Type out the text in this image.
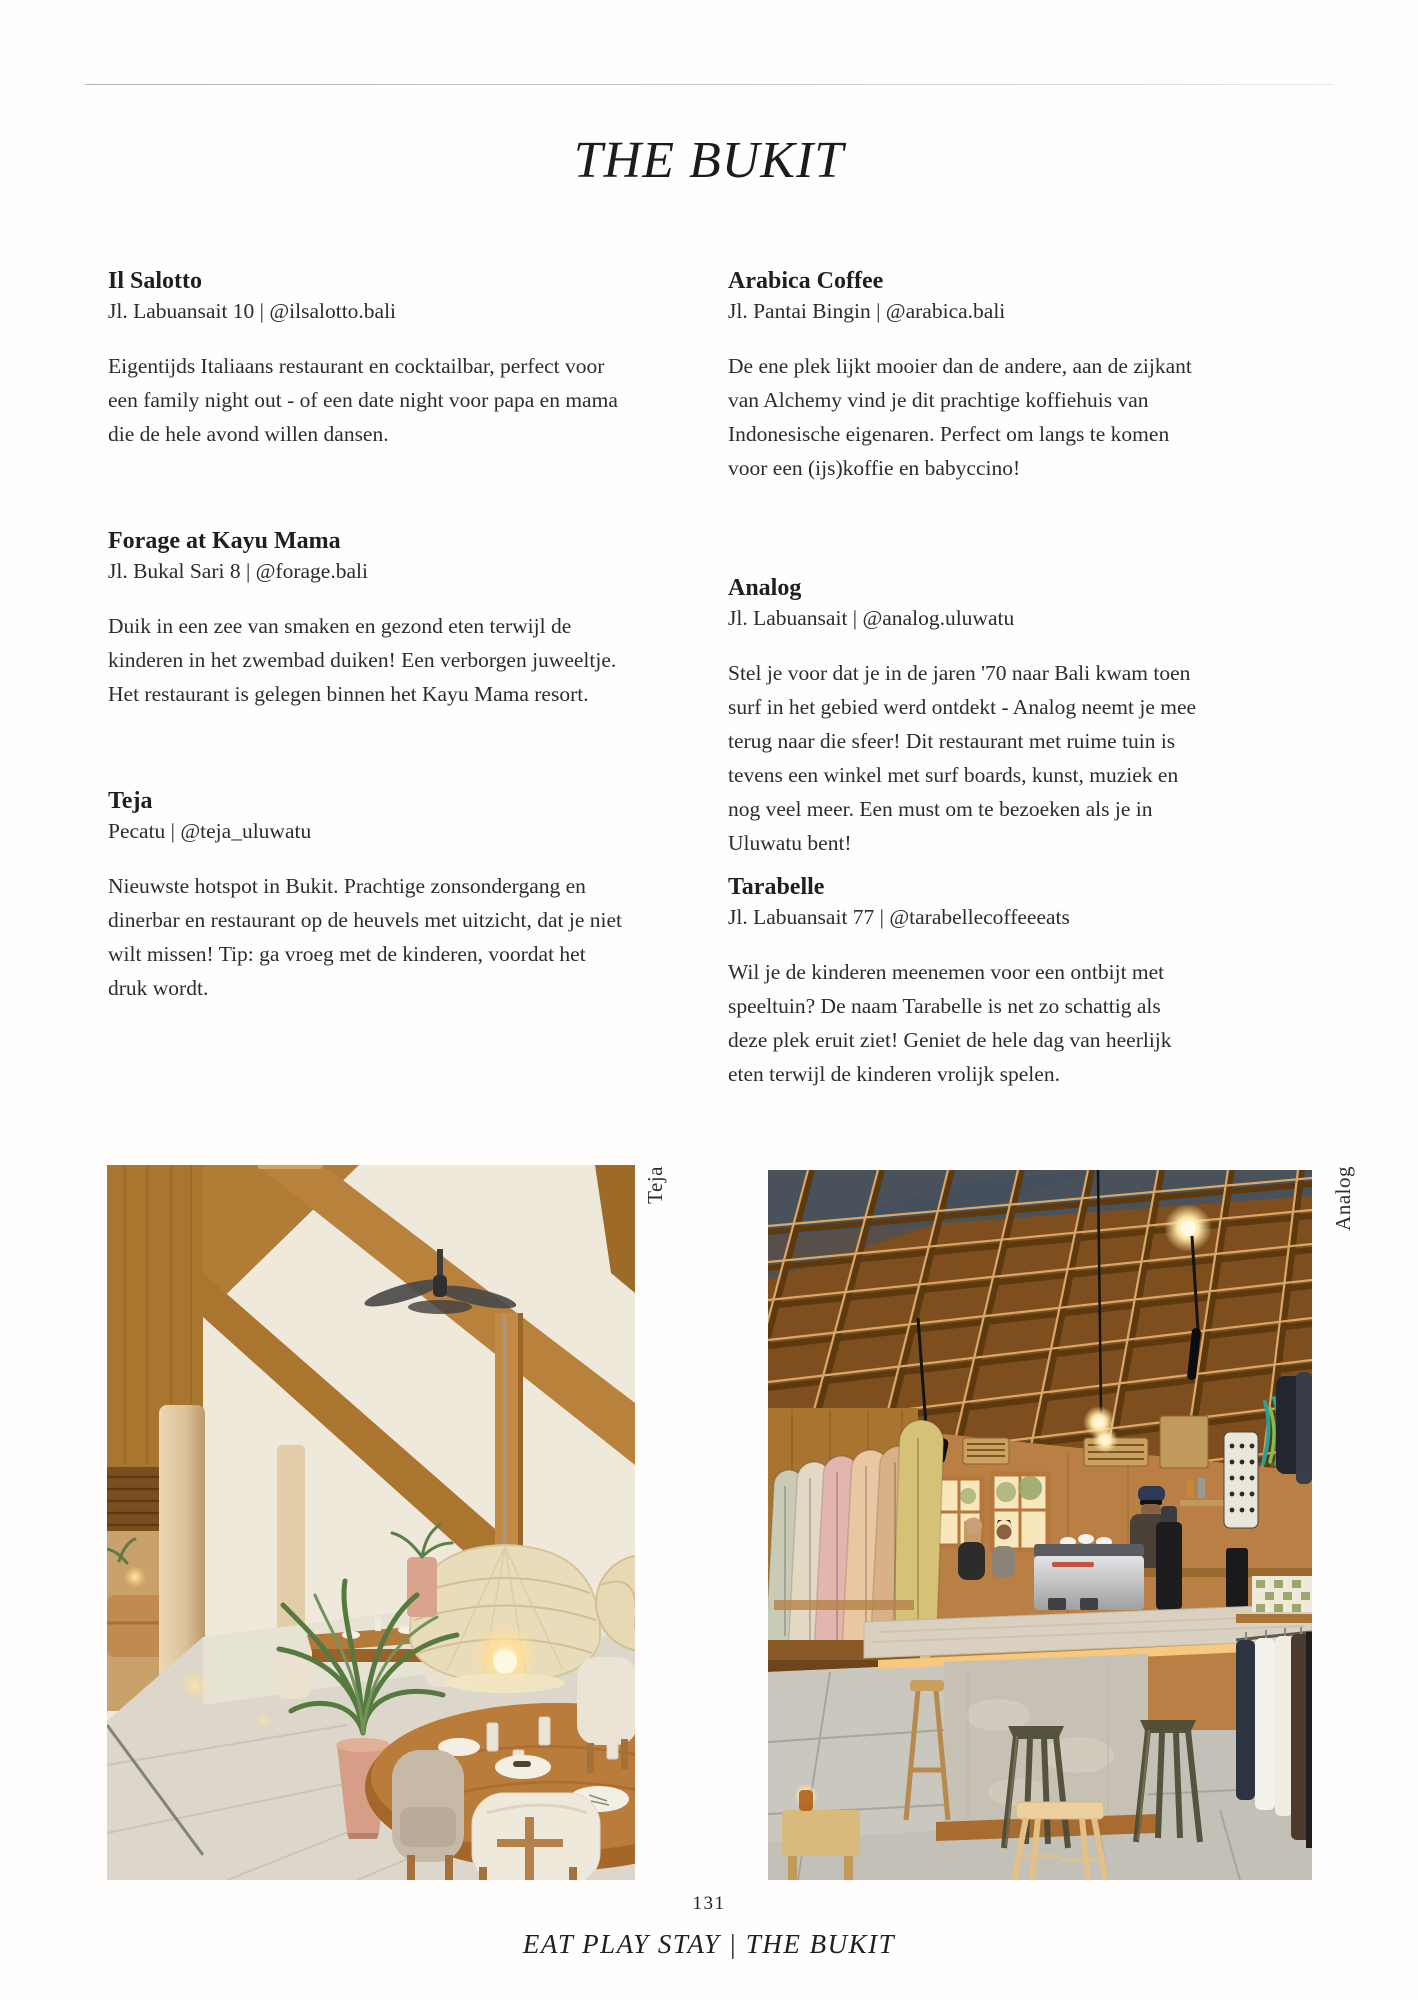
THE BUKIT
Il Salotto
Jl. Labuansait 10 | @ilsalotto.bali
Eigentijds Italiaans restaurant en cocktailbar, perfect voor een family night out - of een date night voor papa en mama die de hele avond willen dansen.
Forage at Kayu Mama
Jl. Bukal Sari 8 | @forage.bali
Duik in een zee van smaken en gezond eten terwijl de kinderen in het zwembad duiken! Een verborgen juweeltje. Het restaurant is gelegen binnen het Kayu Mama resort.
Teja
Pecatu | @teja_uluwatu
Nieuwste hotspot in Bukit. Prachtige zonsondergang en dinerbar en restaurant op de heuvels met uitzicht, dat je niet wilt missen! Tip: ga vroeg met de kinderen, voordat het druk wordt.
Arabica Coffee
Jl. Pantai Bingin | @arabica.bali
De ene plek lijkt mooier dan de andere, aan de zijkant van Alchemy vind je dit prachtige koffiehuis van Indonesische eigenaren. Perfect om langs te komen voor een (ijs)koffie en babyccino!
Analog
Jl. Labuansait | @analog.uluwatu
Stel je voor dat je in de jaren '70 naar Bali kwam toen surf in het gebied werd ontdekt - Analog neemt je mee terug naar die sfeer! Dit restaurant met ruime tuin is tevens een winkel met surf boards, kunst, muziek en nog veel meer. Een must om te bezoeken als je in Uluwatu bent!
Tarabelle
Jl. Labuansait 77 | @tarabellecoffeeeats
Wil je de kinderen meenemen voor een ontbijt met speeltuin? De naam Tarabelle is net zo schattig als deze plek eruit ziet! Geniet de hele dag van heerlijk eten terwijl de kinderen vrolijk spelen.
Teja	Analog
131
EAT PLAY STAY | THE BUKIT
